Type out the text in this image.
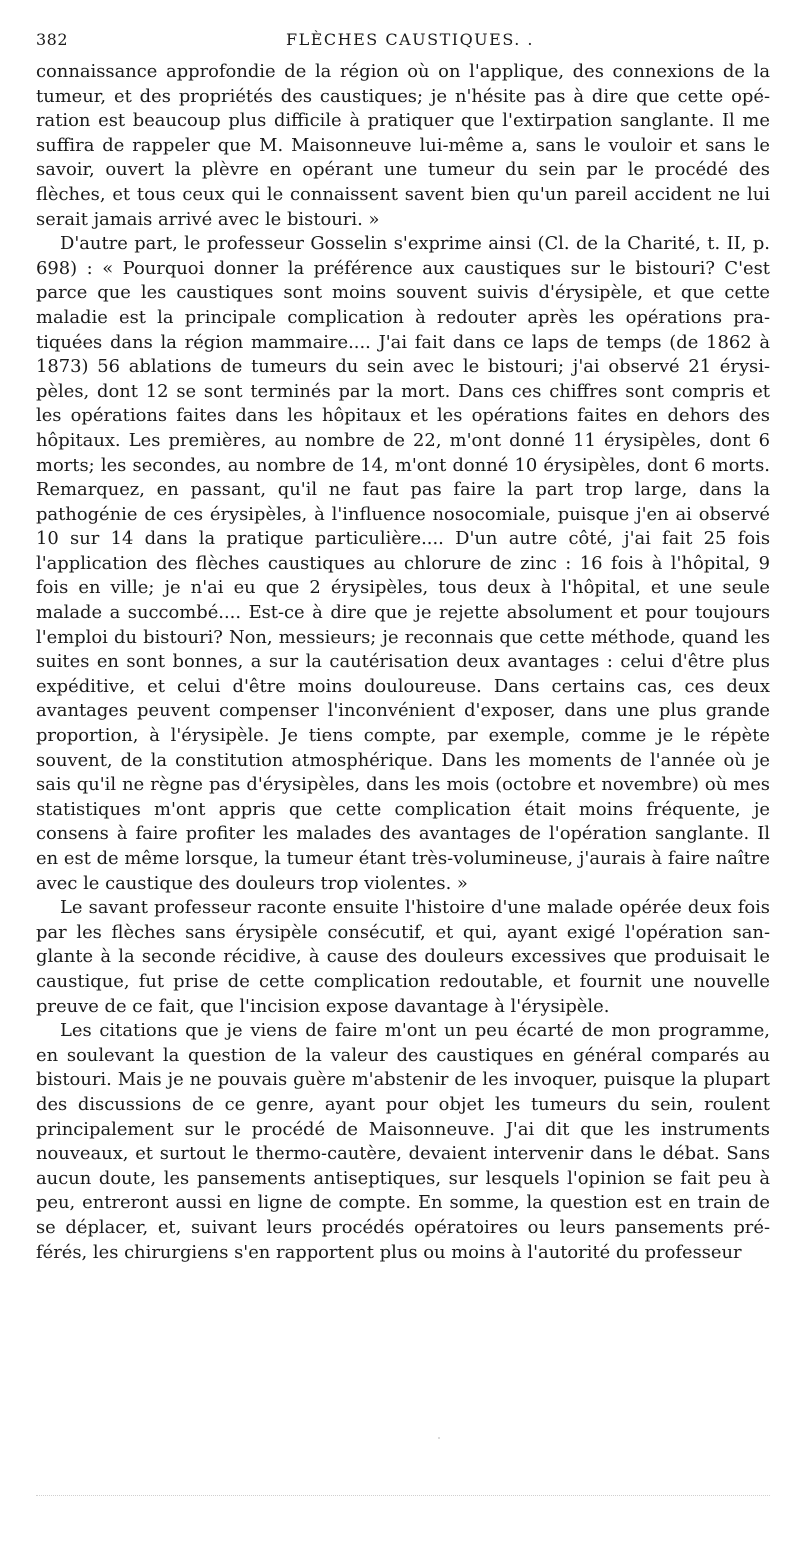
382	FLÈCHES CAUSTIQUES. .

connaissance approfondie de la région où on l'applique, des connexions de la tumeur, et des propriétés des caustiques; je n'hésite pas à dire que cette opération est beaucoup plus difficile à pratiquer que l'extirpation sanglante. Il me suffira de rappeler que M. Maisonneuve lui-même a, sans le vouloir et sans le savoir, ouvert la plèvre en opérant une tumeur du sein par le procédé des flèches, et tous ceux qui le connaissent savent bien qu'un pareil accident ne lui serait jamais arrivé avec le bistouri. »

D'autre part, le professeur Gosselin s'exprime ainsi (Cl. de la Charité, t. II, p. 698) : « Pourquoi donner la préférence aux caustiques sur le bistouri? C'est parce que les caustiques sont moins souvent suivis d'érysipèle, et que cette maladie est la principale complication à redouter après les opérations pratiquées dans la région mammaire.... J'ai fait dans ce laps de temps (de 1862 à 1873) 56 ablations de tumeurs du sein avec le bistouri; j'ai observé 21 érysipèles, dont 12 se sont terminés par la mort. Dans ces chiffres sont compris et les opérations faites dans les hôpitaux et les opérations faites en dehors des hôpitaux. Les premières, au nombre de 22, m'ont donné 11 érysipèles, dont 6 morts; les secondes, au nombre de 14, m'ont donné 10 érysipèles, dont 6 morts. Remarquez, en passant, qu'il ne faut pas faire la part trop large, dans la pathogénie de ces érysipèles, à l'influence nosocomiale, puisque j'en ai observé 10 sur 14 dans la pratique particulière.... D'un autre côté, j'ai fait 25 fois l'application des flèches caustiques au chlorure de zinc : 16 fois à l'hôpital, 9 fois en ville; je n'ai eu que 2 érysipèles, tous deux à l'hôpital, et une seule malade a succombé.... Est-ce à dire que je rejette absolument et pour toujours l'emploi du bistouri? Non, messieurs; je reconnais que cette méthode, quand les suites en sont bonnes, a sur la cautérisation deux avantages : celui d'être plus expéditive, et celui d'être moins douloureuse. Dans certains cas, ces deux avantages peuvent compenser l'inconvénient d'exposer, dans une plus grande proportion, à l'érysipèle. Je tiens compte, par exemple, comme je le répète souvent, de la constitution atmosphérique. Dans les moments de l'année où je sais qu'il ne règne pas d'érysipèles, dans les mois (octobre et novembre) où mes statistiques m'ont appris que cette complication était moins fréquente, je consens à faire profiter les malades des avantages de l'opération sanglante. Il en est de même lorsque, la tumeur étant très-volumineuse, j'aurais à faire naître avec le caustique des douleurs trop violentes. »

Le savant professeur raconte ensuite l'histoire d'une malade opérée deux fois par les flèches sans érysipèle consécutif, et qui, ayant exigé l'opération sanglante à la seconde récidive, à cause des douleurs excessives que produisait le caustique, fut prise de cette complication redoutable, et fournit une nouvelle preuve de ce fait, que l'incision expose davantage à l'érysipèle.

Les citations que je viens de faire m'ont un peu écarté de mon programme, en soulevant la question de la valeur des caustiques en général comparés au bistouri. Mais je ne pouvais guère m'abstenir de les invoquer, puisque la plupart des discussions de ce genre, ayant pour objet les tumeurs du sein, roulent principalement sur le procédé de Maisonneuve. J'ai dit que les instruments nouveaux, et surtout le thermo-cautère, devaient intervenir dans le débat. Sans aucun doute, les pansements antiseptiques, sur lesquels l'opinion se fait peu à peu, entreront aussi en ligne de compte. En somme, la question est en train de se déplacer, et, suivant leurs procédés opératoires ou leurs pansements préférés, les chirurgiens s'en rapportent plus ou moins à l'autorité du professeur
